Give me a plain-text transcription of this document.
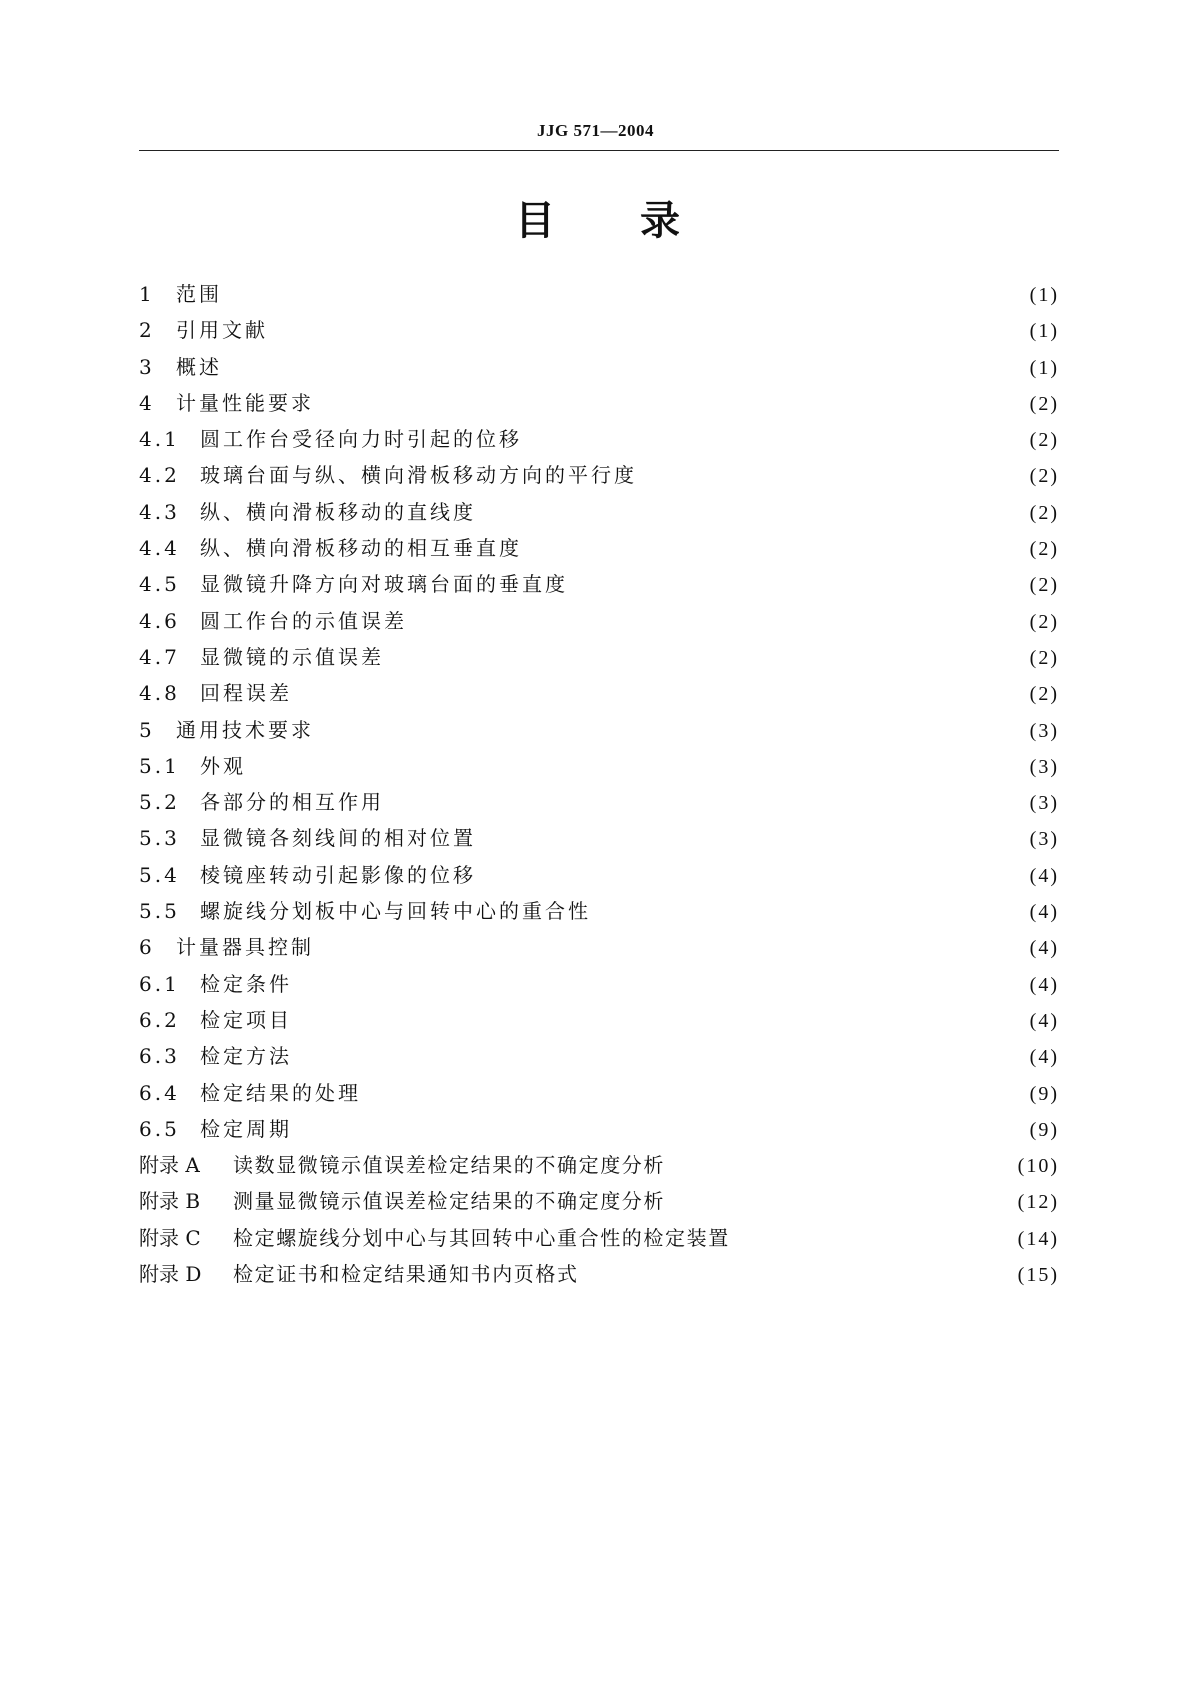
JJG 571—2004
目 录
1	范围	(1)
2	引用文献	(1)
3	概述	(1)
4	计量性能要求	(2)
4.1	圆工作台受径向力时引起的位移	(2)
4.2	玻璃台面与纵、横向滑板移动方向的平行度	(2)
4.3	纵、横向滑板移动的直线度	(2)
4.4	纵、横向滑板移动的相互垂直度	(2)
4.5	显微镜升降方向对玻璃台面的垂直度	(2)
4.6	圆工作台的示值误差	(2)
4.7	显微镜的示值误差	(2)
4.8	回程误差	(2)
5	通用技术要求	(3)
5.1	外观	(3)
5.2	各部分的相互作用	(3)
5.3	显微镜各刻线间的相对位置	(3)
5.4	棱镜座转动引起影像的位移	(4)
5.5	螺旋线分划板中心与回转中心的重合性	(4)
6	计量器具控制	(4)
6.1	检定条件	(4)
6.2	检定项目	(4)
6.3	检定方法	(4)
6.4	检定结果的处理	(9)
6.5	检定周期	(9)
附录 A	读数显微镜示值误差检定结果的不确定度分析	(10)
附录 B	测量显微镜示值误差检定结果的不确定度分析	(12)
附录 C	检定螺旋线分划中心与其回转中心重合性的检定装置	(14)
附录 D	检定证书和检定结果通知书内页格式	(15)
